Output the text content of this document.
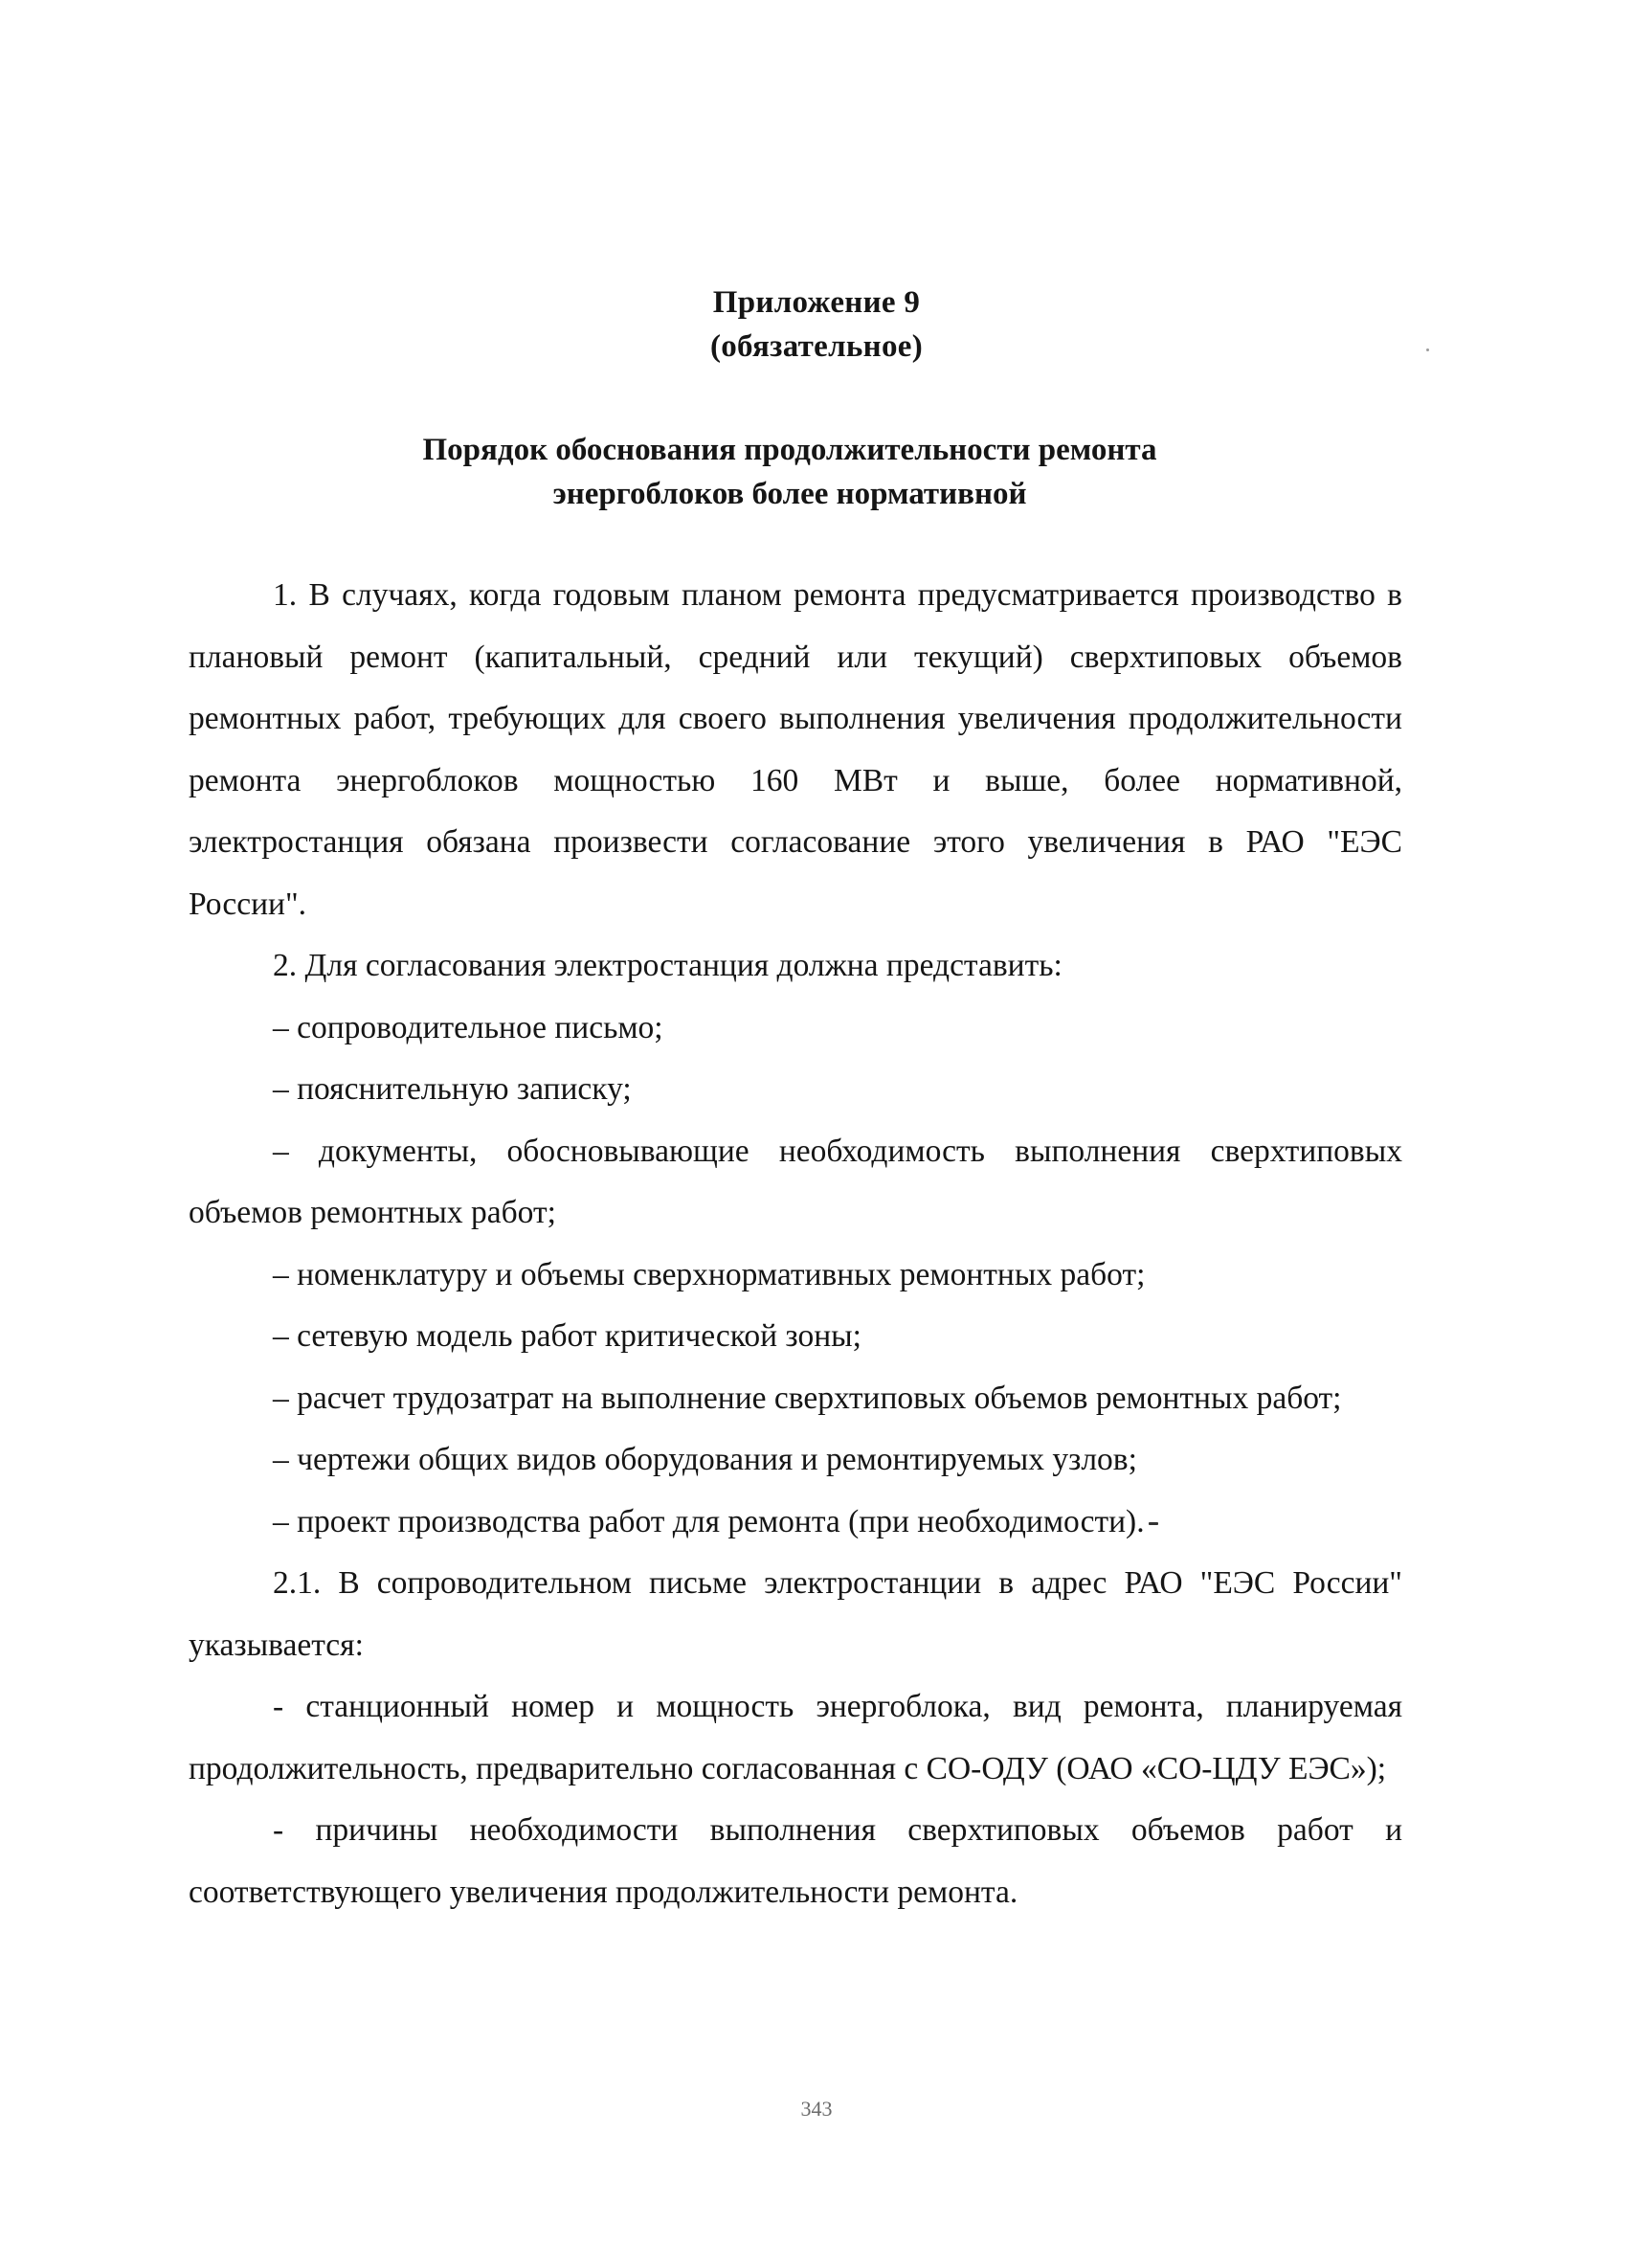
Приложение 9
(обязательное)
Порядок обоснования продолжительности ремонта
энергоблоков более нормативной

1. В случаях, когда годовым планом ремонта предусматривается производство в плановый ремонт (капитальный, средний или текущий) сверхтиповых объемов ремонтных работ, требующих для своего выполнения увеличения продолжительности ремонта энергоблоков мощностью 160 МВт и выше, более нормативной, электростанция обязана произвести согласование этого увеличения в РАО "ЕЭС России".

2. Для согласования электростанция должна представить:

– сопроводительное письмо;

– пояснительную записку;

– документы, обосновывающие необходимость выполнения сверхтиповых объемов ремонтных работ;

– номенклатуру и объемы сверхнормативных ремонтных работ;

– сетевую модель работ критической зоны;

– расчет трудозатрат на выполнение сверхтиповых объемов ремонтных работ;

– чертежи общих видов оборудования и ремонтируемых узлов;

– проект производства работ для ремонта (при необходимости).

2.1. В сопроводительном письме электростанции в адрес РАО "ЕЭС России" указывается:

- станционный номер и мощность энергоблока, вид ремонта, планируемая продолжительность, предварительно согласованная с СО-ОДУ (ОАО «СО-ЦДУ ЕЭС»);

- причины необходимости выполнения сверхтиповых объемов работ и соответствующего увеличения продолжительности ремонта.

343
